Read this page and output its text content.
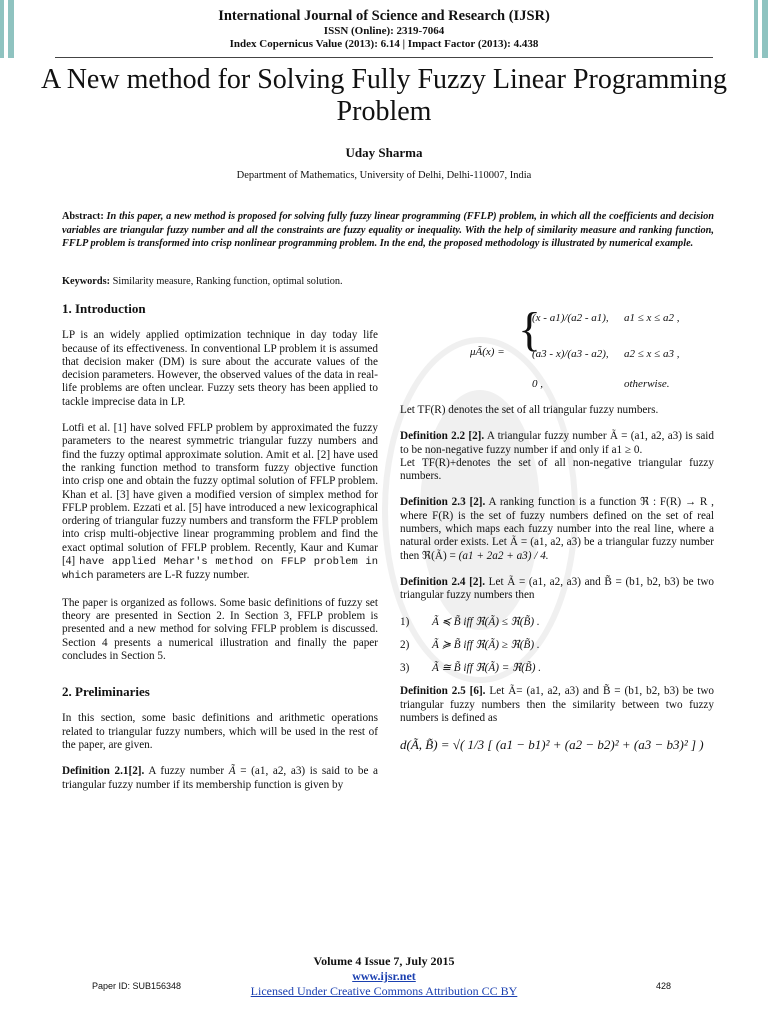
International Journal of Science and Research (IJSR)
ISSN (Online): 2319-7064
Index Copernicus Value (2013): 6.14 | Impact Factor (2013): 4.438
A New method for Solving Fully Fuzzy Linear Programming Problem
Uday Sharma
Department of Mathematics, University of Delhi, Delhi-110007, India
Abstract: In this paper, a new method is proposed for solving fully fuzzy linear programming (FFLP) problem, in which all the coefficients and decision variables are triangular fuzzy number and all the constraints are fuzzy equality or inequality. With the help of similarity measure and ranking function, FFLP problem is transformed into crisp nonlinear programming problem. In the end, the proposed methodology is illustrated by numerical example.
Keywords: Similarity measure, Ranking function, optimal solution.
1. Introduction

LP is an widely applied optimization technique in day today life because of its effectiveness. In conventional LP problem it is assumed that decision maker (DM) is sure about the accurate values of the decision parameters. However, the observed values of the data in real-life problems are often unclear. Fuzzy sets theory has been applied to tackle imprecise data in LP.

Lotfi et al. [1] have solved FFLP problem by approximated the fuzzy parameters to the nearest symmetric triangular fuzzy numbers and find the fuzzy optimal approximate solution. Amit et al. [2] have used the ranking function method to transform fuzzy objective function into crisp one and obtain the fuzzy optimal solution of FFLP problem. Khan et al. [3] have given a modified version of simplex method for FFLP problem. Ezzati et al. [5] have introduced a new lexicographical ordering of triangular fuzzy numbers and transform the FFLP problem into crisp multi-objective linear programming problem and find the exact optimal solution of FFLP problem. Recently, Kaur and Kumar [4] have applied Mehar's method on FFLP problem in which parameters are L-R fuzzy number.

The paper is organized as follows. Some basic definitions of fuzzy set theory are presented in Section 2. In Section 3, FFLP problem is presented and a new method for solving FFLP problem is discussed. Section 4 presents a numerical illustration and finally the paper concludes in Section 5.

2. Preliminaries

In this section, some basic definitions and arithmetic operations related to triangular fuzzy numbers, which will be used in the rest of the paper, are given.

Definition 2.1[2]. A fuzzy number Ã = (a1, a2, a3) is said to be a triangular fuzzy number if its membership function is given by

μÃ(x) = {
(x - a1)/(a2 - a1), a1 ≤ x ≤ a2 ,
(a3 - x)/(a3 - a2), a2 ≤ x ≤ a3 ,
0 ,	otherwise.

Let TF(R) denotes the set of all triangular fuzzy numbers.

Definition 2.2 [2]. A triangular fuzzy number Ã = (a1, a2, a3) is said to be non-negative fuzzy number if and only if a1 ≥ 0.
Let TF(R)+denotes the set of all non-negative triangular fuzzy numbers.

Definition 2.3 [2]. A ranking function is a function ℜ : F(R) → R , where F(R) is the set of fuzzy numbers defined on the set of real numbers, which maps each fuzzy number into the real line, where a natural order exists. Let Ã = (a1, a2, a3) be a triangular fuzzy number then ℜ(Ã) = (a1 + 2a2 + a3) / 4.

Definition 2.4 [2]. Let Ã = (a1, a2, a3) and B̃ = (b1, b2, b3) be two triangular fuzzy numbers then

1)	Ã ≼ B̃ iff ℜ(Ã) ≤ ℜ(B̃) .
2)	Ã ≽ B̃ iff ℜ(Ã) ≥ ℜ(B̃) .
3)	Ã ≅ B̃ iff ℜ(Ã) = ℜ(B̃) .

Definition 2.5 [6]. Let Ã= (a1, a2, a3) and B̃ = (b1, b2, b3) be two triangular fuzzy numbers then the similarity between two fuzzy numbers is defined as

d(Ã, B̃) = √( 1/3 [ (a1 − b1)² + (a2 − b2)² + (a3 − b3)² ] )
Volume 4 Issue 7, July 2015
www.ijsr.net
Licensed Under Creative Commons Attribution CC BY
Paper ID: SUB156348	428
